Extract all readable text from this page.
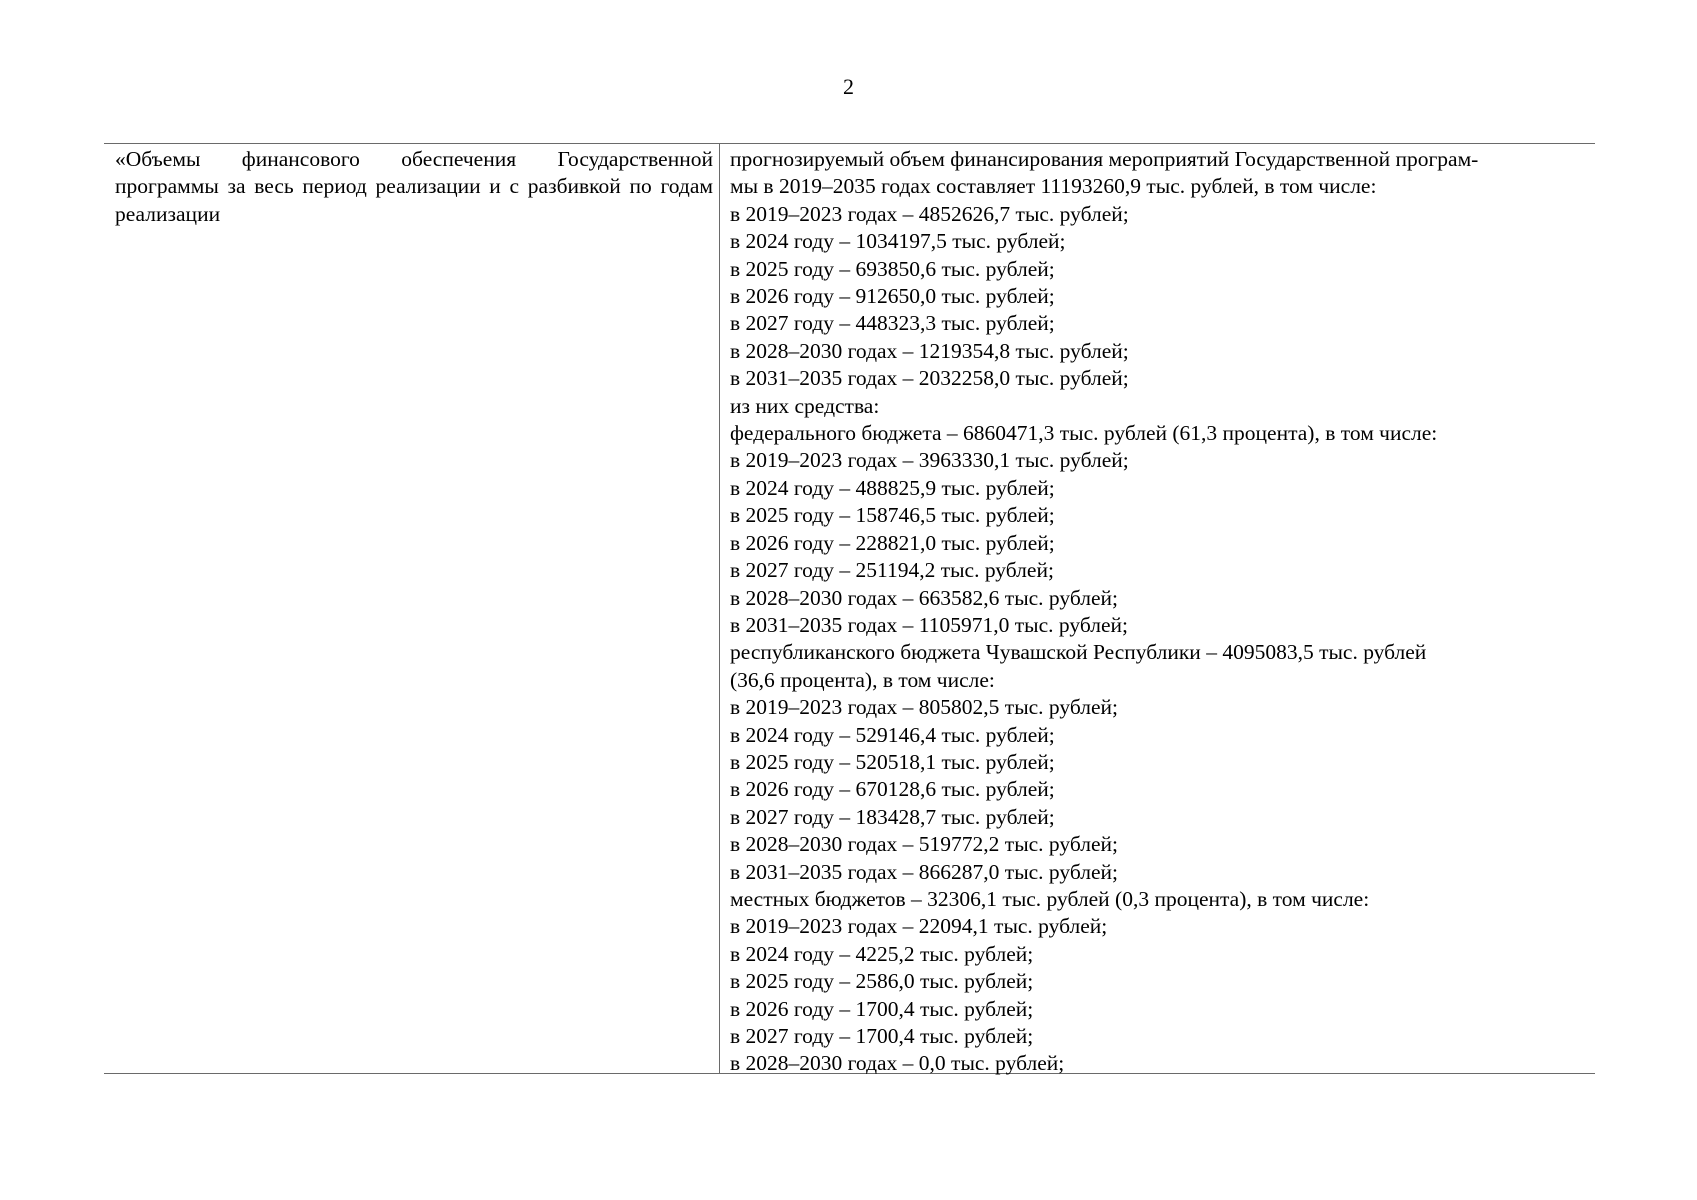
2
«Объемы финансового обеспечения Государственной программы за весь период реализации и с разбивкой по годам реализации
прогнозируемый объем финансирования мероприятий Государственной програм-
мы в 2019–2035 годах составляет 11193260,9 тыс. рублей, в том числе:
в 2019–2023 годах – 4852626,7 тыс. рублей;
в 2024 году – 1034197,5 тыс. рублей;
в 2025 году – 693850,6 тыс. рублей;
в 2026 году – 912650,0 тыс. рублей;
в 2027 году – 448323,3 тыс. рублей;
в 2028–2030 годах – 1219354,8 тыс. рублей;
в 2031–2035 годах – 2032258,0 тыс. рублей;
из них средства:
федерального бюджета – 6860471,3 тыс. рублей (61,3 процента), в том числе:
в 2019–2023 годах – 3963330,1 тыс. рублей;
в 2024 году – 488825,9 тыс. рублей;
в 2025 году – 158746,5 тыс. рублей;
в 2026 году – 228821,0 тыс. рублей;
в 2027 году – 251194,2 тыс. рублей;
в 2028–2030 годах – 663582,6 тыс. рублей;
в 2031–2035 годах – 1105971,0 тыс. рублей;
республиканского бюджета Чувашской Республики – 4095083,5 тыс. рублей
(36,6 процента), в том числе:
в 2019–2023 годах – 805802,5 тыс. рублей;
в 2024 году – 529146,4 тыс. рублей;
в 2025 году – 520518,1 тыс. рублей;
в 2026 году – 670128,6 тыс. рублей;
в 2027 году – 183428,7 тыс. рублей;
в 2028–2030 годах – 519772,2 тыс. рублей;
в 2031–2035 годах – 866287,0 тыс. рублей;
местных бюджетов – 32306,1 тыс. рублей (0,3 процента), в том числе:
в 2019–2023 годах – 22094,1 тыс. рублей;
в 2024 году – 4225,2 тыс. рублей;
в 2025 году – 2586,0 тыс. рублей;
в 2026 году – 1700,4 тыс. рублей;
в 2027 году – 1700,4 тыс. рублей;
в 2028–2030 годах – 0,0 тыс. рублей;
